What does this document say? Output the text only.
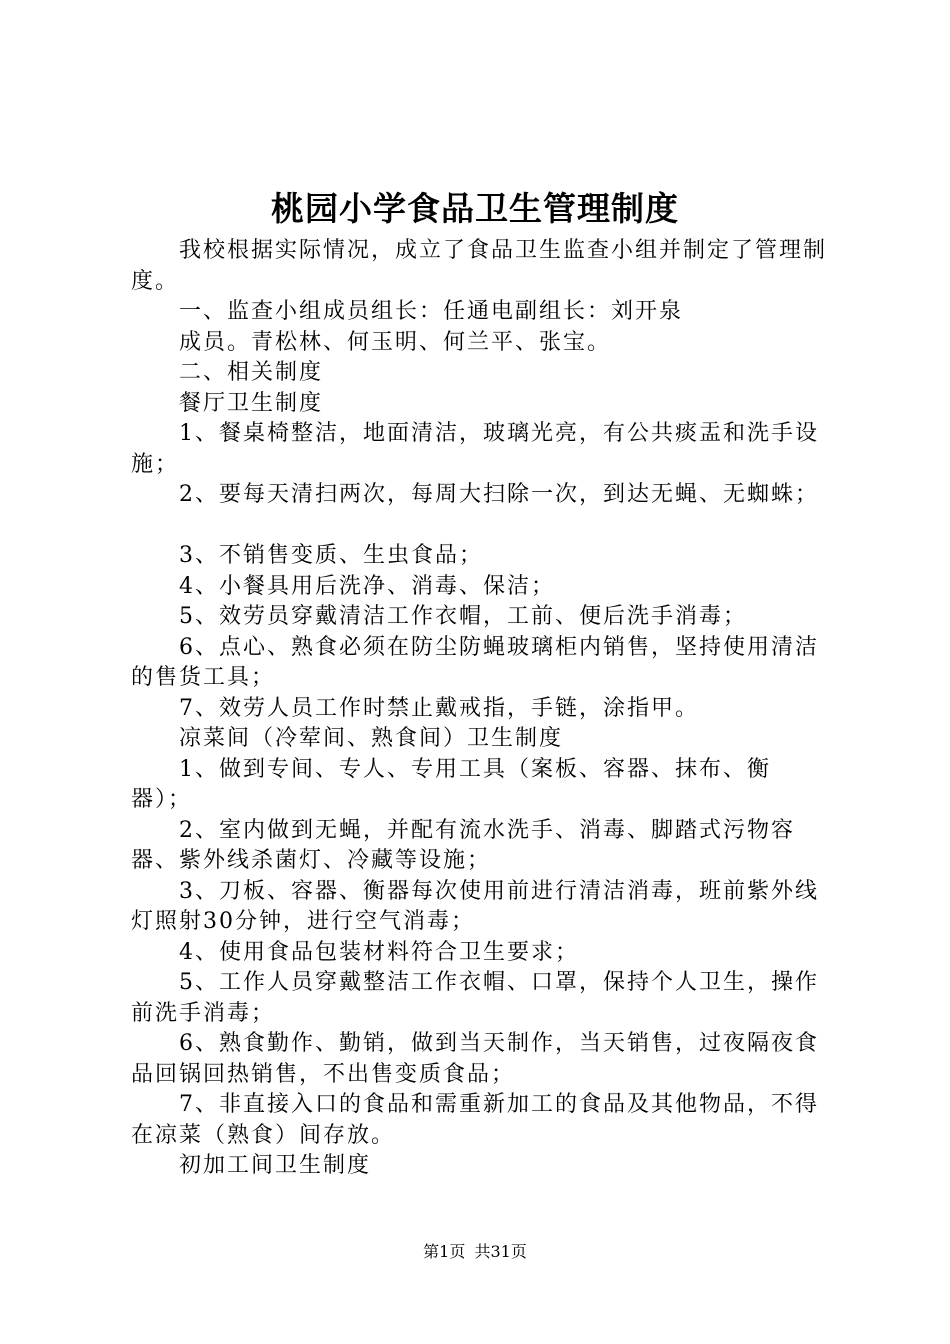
桃园小学食品卫生管理制度

我校根据实际情况，成立了食品卫生监查小组并制定了管理制度。

一、监查小组成员组长：任通电副组长：刘开泉

成员。青松林、何玉明、何兰平、张宝。

二、相关制度

餐厅卫生制度

1、餐桌椅整洁，地面清洁，玻璃光亮，有公共痰盂和洗手设施；

2、要每天清扫两次，每周大扫除一次，到达无蝇、无蜘蛛；

3、不销售变质、生虫食品；

4、小餐具用后洗净、消毒、保洁；

5、效劳员穿戴清洁工作衣帽，工前、便后洗手消毒；

6、点心、熟食必须在防尘防蝇玻璃柜内销售，坚持使用清洁的售货工具；

7、效劳人员工作时禁止戴戒指，手链，涂指甲。

凉菜间（冷荤间、熟食间）卫生制度

1、做到专间、专人、专用工具（案板、容器、抹布、衡器）；

2、室内做到无蝇，并配有流水洗手、消毒、脚踏式污物容器、紫外线杀菌灯、冷藏等设施；

3、刀板、容器、衡器每次使用前进行清洁消毒，班前紫外线灯照射30分钟，进行空气消毒；

4、使用食品包装材料符合卫生要求；

5、工作人员穿戴整洁工作衣帽、口罩，保持个人卫生，操作前洗手消毒；

6、熟食勤作、勤销，做到当天制作，当天销售，过夜隔夜食品回锅回热销售，不出售变质食品；

7、非直接入口的食品和需重新加工的食品及其他物品，不得在凉菜（熟食）间存放。

初加工间卫生制度

第1页 共31页
